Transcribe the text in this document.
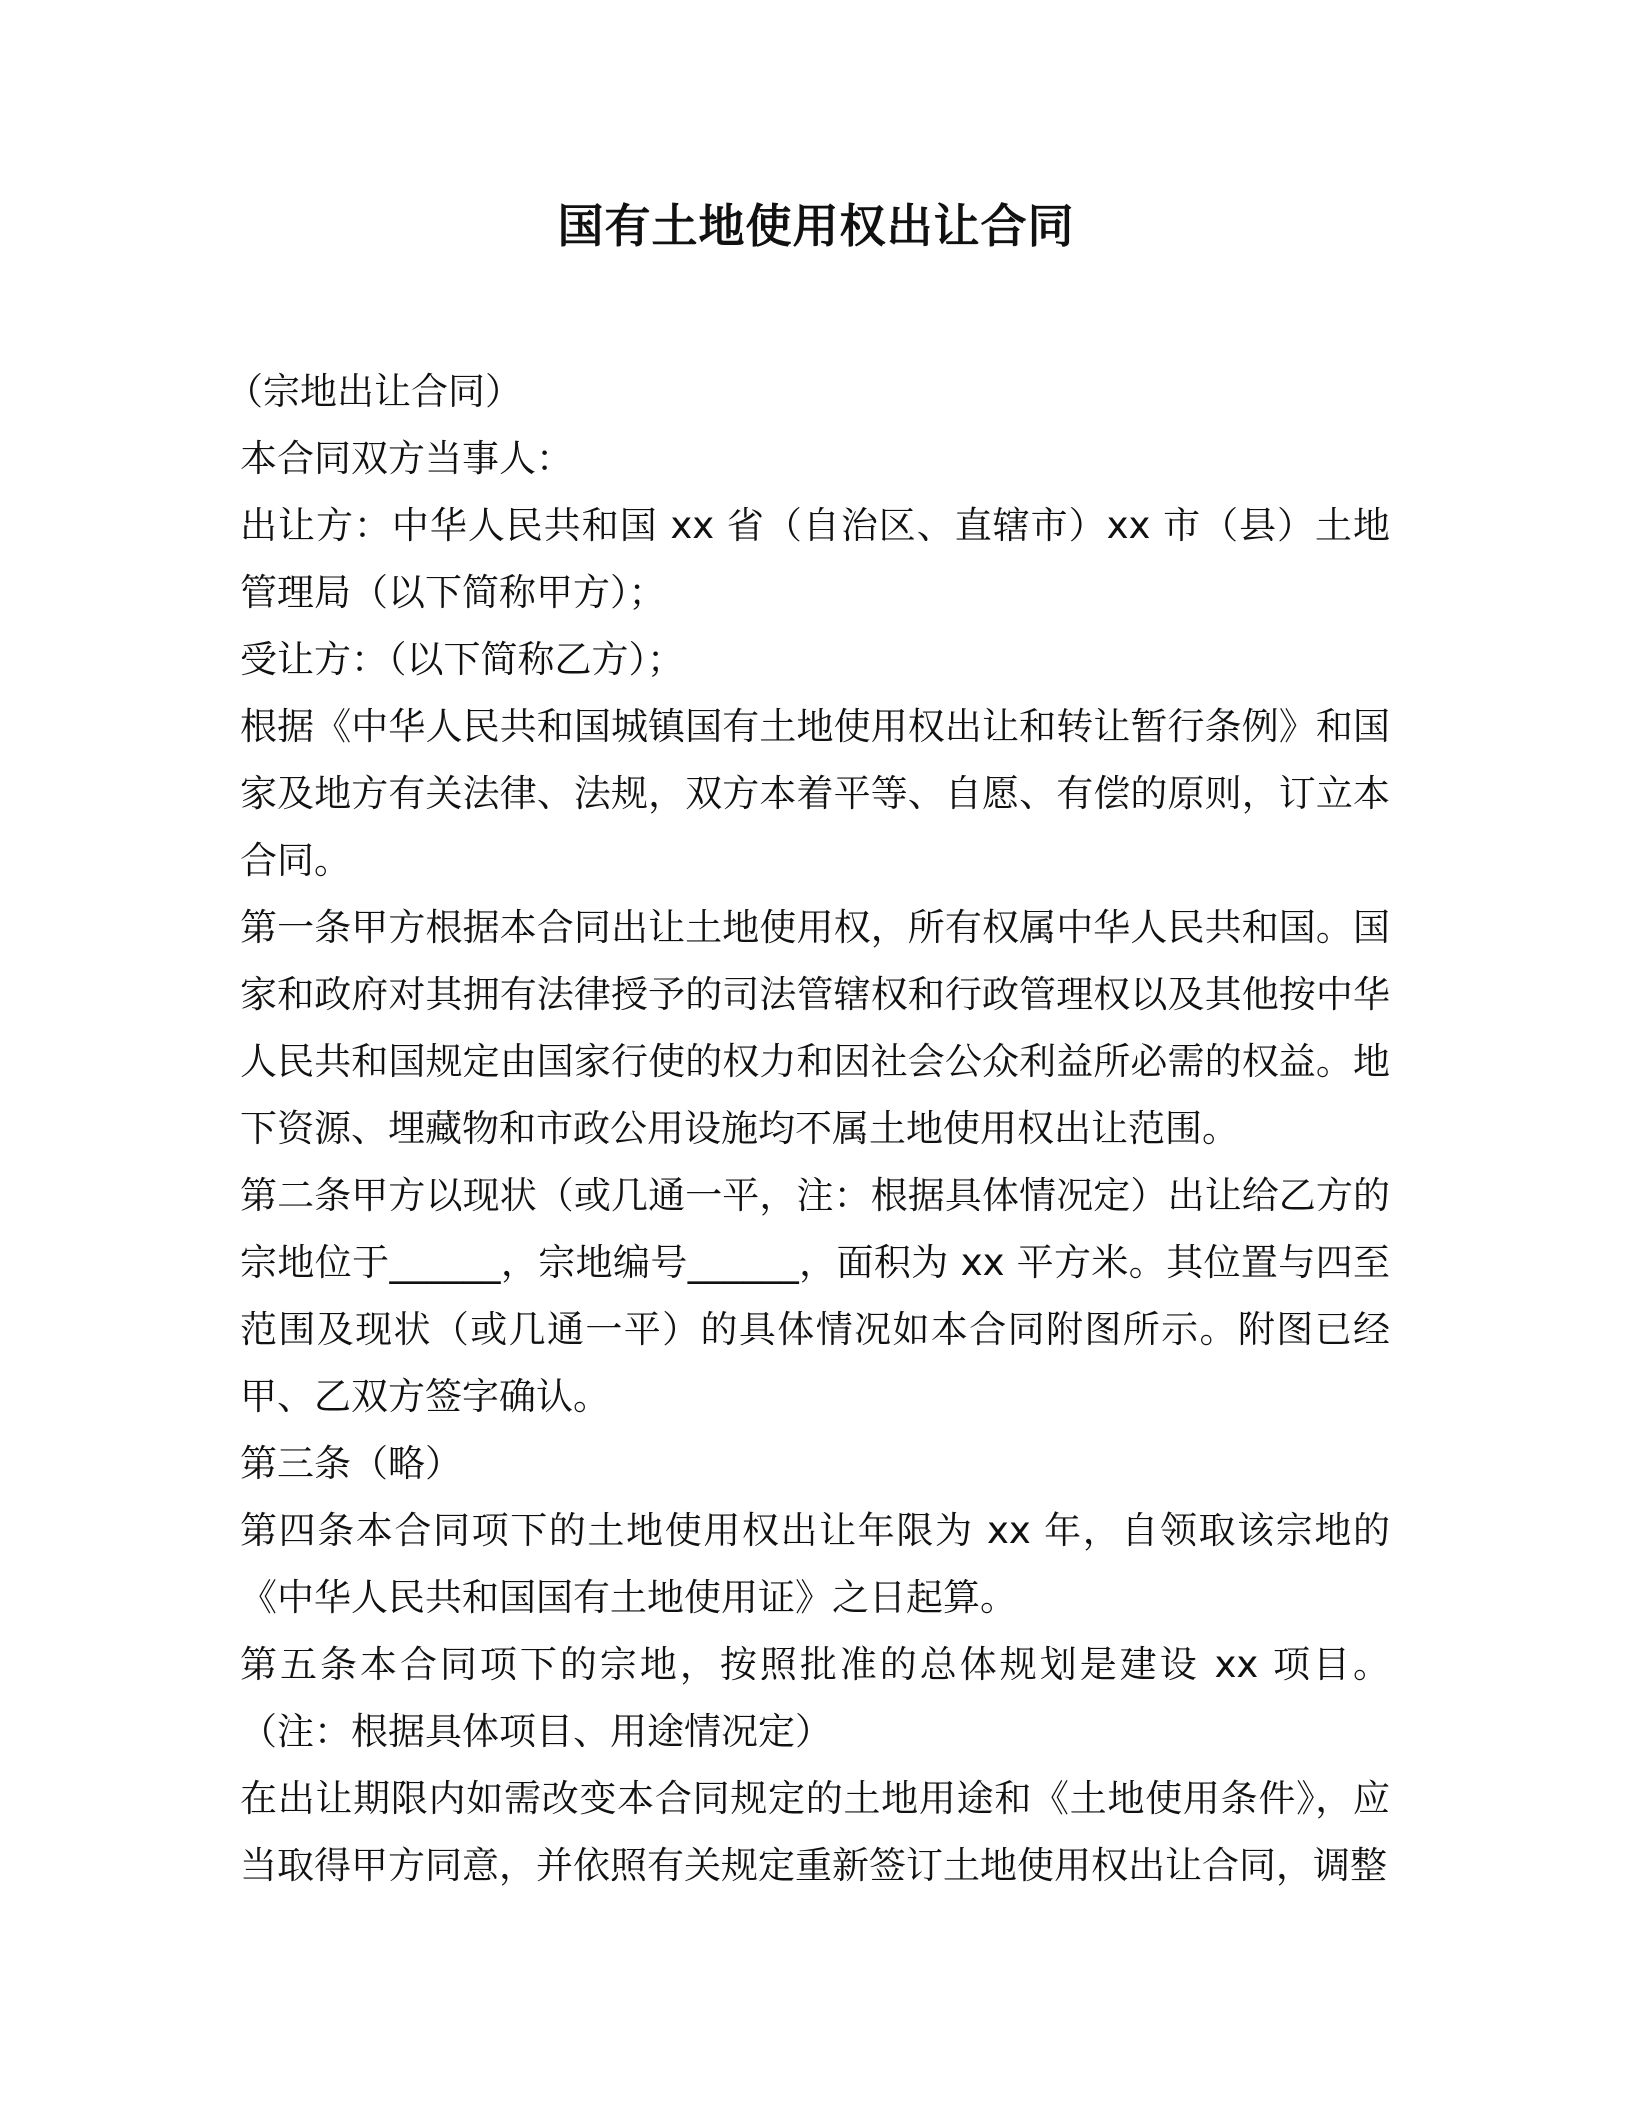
国有土地使用权出让合同

（宗地出让合同）

本合同双方当事人：

出让方：中华人民共和国 xx 省（自治区、直辖市）xx 市（县）土地管理局（以下简称甲方）；

受让方：（以下简称乙方）；

根据《中华人民共和国城镇国有土地使用权出让和转让暂行条例》和国家及地方有关法律、法规，双方本着平等、自愿、有偿的原则，订立本合同。

第一条甲方根据本合同出让土地使用权，所有权属中华人民共和国。国家和政府对其拥有法律授予的司法管辖权和行政管理权以及其他按中华人民共和国规定由国家行使的权力和因社会公众利益所必需的权益。地下资源、埋藏物和市政公用设施均不属土地使用权出让范围。

第二条甲方以现状（或几通一平，注：根据具体情况定）出让给乙方的宗地位于______，宗地编号______，面积为 xx 平方米。其位置与四至范围及现状（或几通一平）的具体情况如本合同附图所示。附图已经甲、乙双方签字确认。

第三条（略）

第四条本合同项下的土地使用权出让年限为 xx 年，自领取该宗地的《中华人民共和国国有土地使用证》之日起算。

第五条本合同项下的宗地，按照批准的总体规划是建设 xx 项目。（注：根据具体项目、用途情况定）

在出让期限内如需改变本合同规定的土地用途和《土地使用条件》，应当取得甲方同意，并依照有关规定重新签订土地使用权出让合同，调整
